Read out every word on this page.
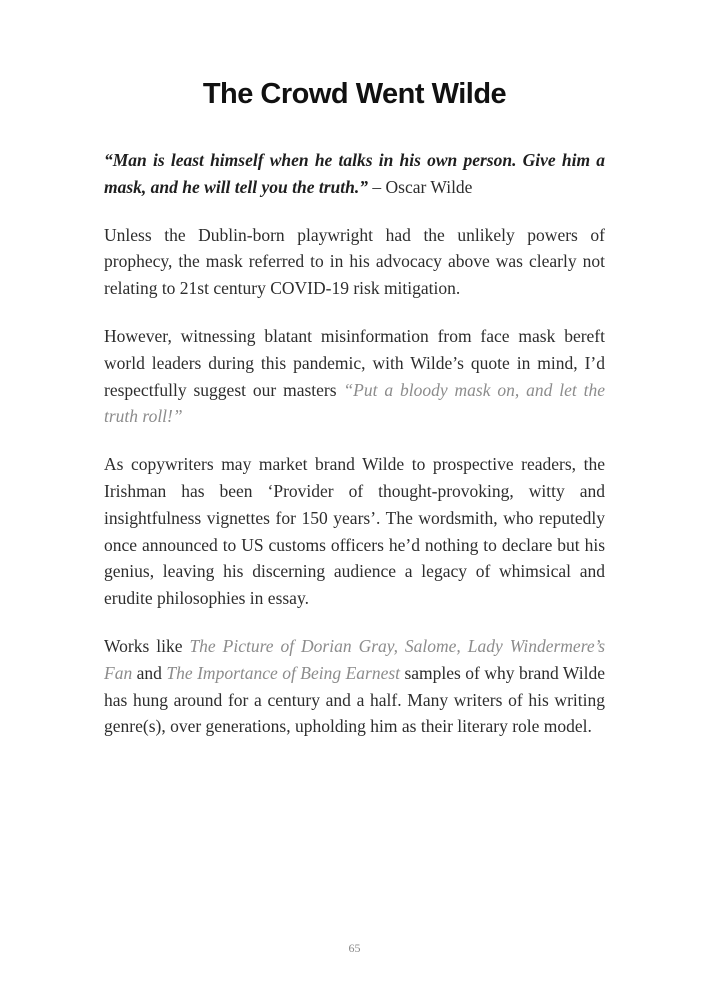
The Crowd Went Wilde

“Man is least himself when he talks in his own person. Give him a mask, and he will tell you the truth.” – Oscar Wilde

Unless the Dublin-born playwright had the unlikely powers of prophecy, the mask referred to in his advocacy above was clearly not relating to 21st century COVID-19 risk mitigation.

However, witnessing blatant misinformation from face mask bereft world leaders during this pandemic, with Wilde’s quote in mind, I’d respectfully suggest our masters “Put a bloody mask on, and let the truth roll!”

As copywriters may market brand Wilde to prospective readers, the Irishman has been ‘Provider of thought-provoking, witty and insightfulness vignettes for 150 years’. The wordsmith, who reputedly once announced to US customs officers he’d nothing to declare but his genius, leaving his discerning audience a legacy of whimsical and erudite philosophies in essay.

Works like The Picture of Dorian Gray, Salome, Lady Windermere’s Fan and The Importance of Being Earnest samples of why brand Wilde has hung around for a century and a half. Many writers of his writing genre(s), over generations, upholding him as their literary role model.

65
